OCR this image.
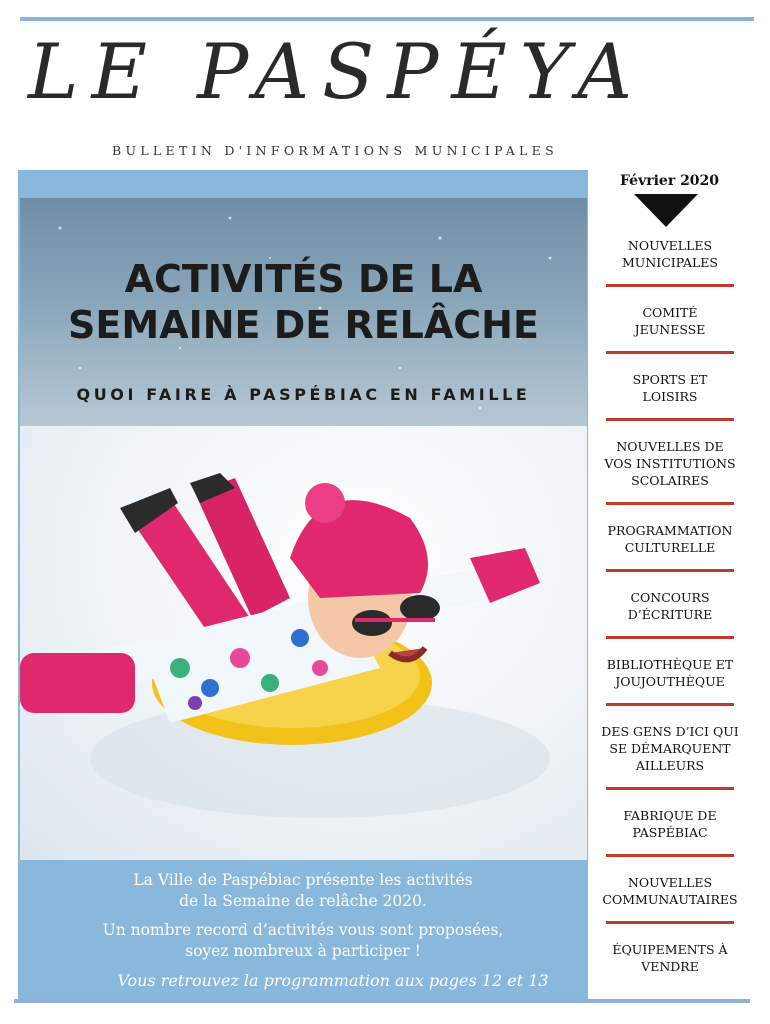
LE PASPÉYA
BULLETIN D'INFORMATIONS MUNICIPALES
ACTIVITÉS DE LA
SEMAINE DE RELÂCHE
QUOI FAIRE À PASPÉBIAC EN FAMILLE
La Ville de Paspébiac présente les activités
de la Semaine de relâche 2020.
Un nombre record d’activités vous sont proposées,
soyez nombreux à participer !
Vous retrouvez la programmation aux pages 12 et 13
Février 2020
NOUVELLES
MUNICIPALES
COMITÉ
JEUNESSE
SPORTS ET
LOISIRS
NOUVELLES DE
VOS INSTITUTIONS
SCOLAIRES
PROGRAMMATION
CULTURELLE
CONCOURS
D’ÉCRITURE
BIBLIOTHÈQUE ET
JOUJOUTHÈQUE
DES GENS D’ICI QUI
SE DÉMARQUENT
AILLEURS
FABRIQUE DE
PASPÉBIAC
NOUVELLES
COMMUNAUTAIRES
ÉQUIPEMENTS À
VENDRE
